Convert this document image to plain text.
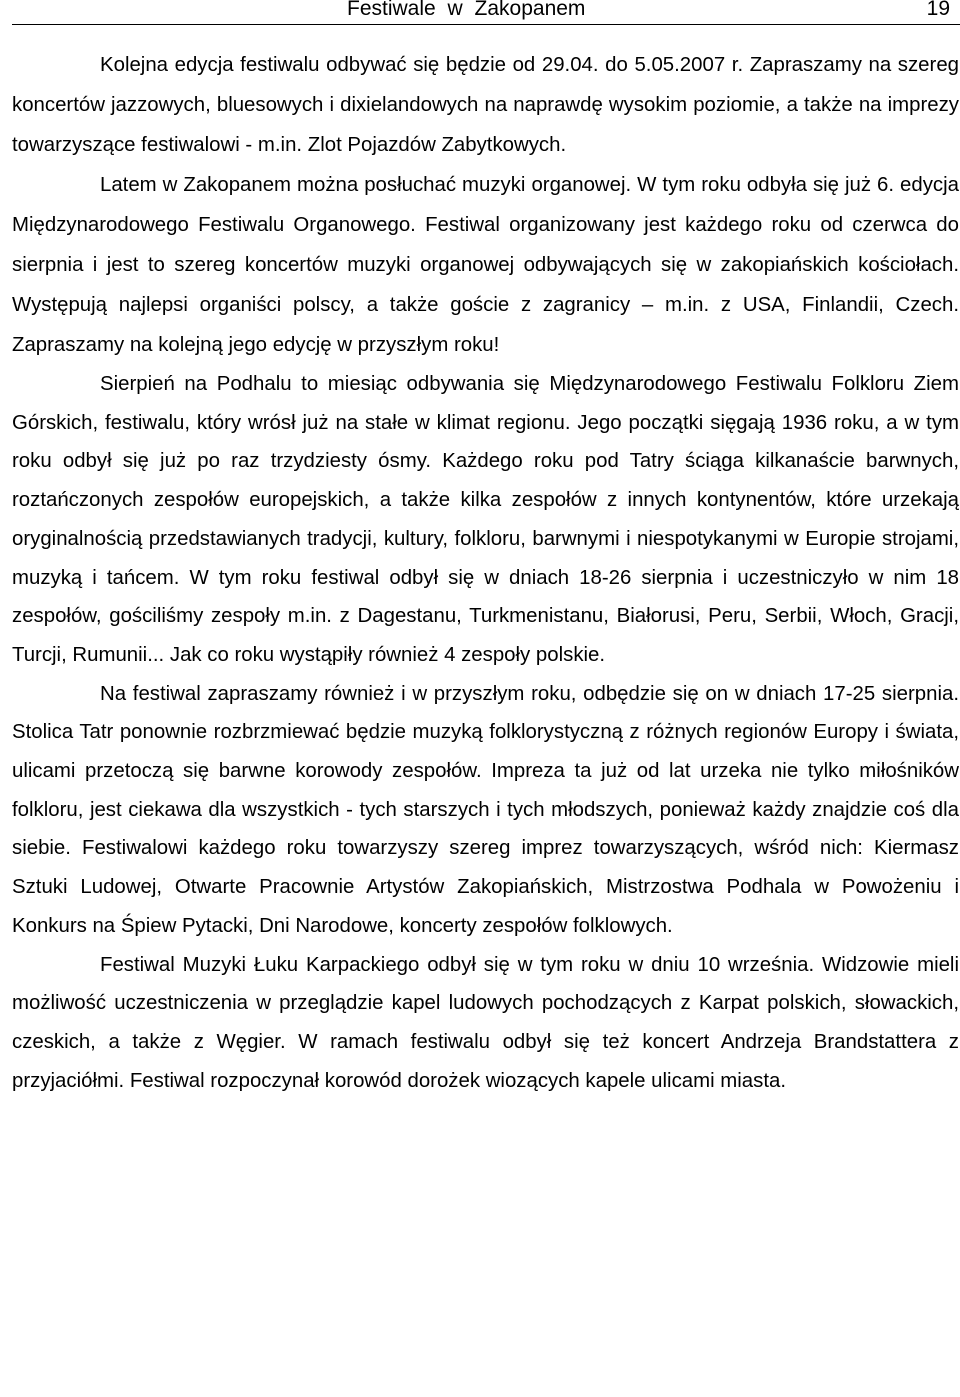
Festiwale w Zakopanem	19

Kolejna edycja festiwalu odbywać się będzie od 29.04. do 5.05.2007 r. Zapraszamy na szereg koncertów jazzowych, bluesowych i dixielandowych na naprawdę wysokim poziomie, a także na imprezy towarzyszące festiwalowi - m.in. Zlot Pojazdów Zabytkowych.

Latem w Zakopanem można posłuchać muzyki organowej. W tym roku odbyła się już 6. edycja Międzynarodowego Festiwalu Organowego. Festiwal organizowany jest każdego roku od czerwca do sierpnia i jest to szereg koncertów muzyki organowej odbywających się w zakopiańskich kościołach. Występują najlepsi organiści polscy, a także goście z zagranicy – m.in. z USA, Finlandii, Czech. Zapraszamy na kolejną jego edycję w przyszłym roku!

Sierpień na Podhalu to miesiąc odbywania się Międzynarodowego Festiwalu Folkloru Ziem Górskich, festiwalu, który wrósł już na stałe w klimat regionu. Jego początki sięgają 1936 roku, a w tym roku odbył się już po raz trzydziesty ósmy. Każdego roku pod Tatry ściąga kilkanaście barwnych, roztańczonych zespołów europejskich, a także kilka zespołów z innych kontynentów, które urzekają oryginalnością przedstawianych tradycji, kultury, folkloru, barwnymi i niespotykanymi w Europie strojami, muzyką i tańcem. W tym roku festiwal odbył się w dniach 18-26 sierpnia i uczestniczyło w nim 18 zespołów, gościliśmy zespoły m.in. z Dagestanu, Turkmenistanu, Białorusi, Peru, Serbii, Włoch, Gracji, Turcji, Rumunii... Jak co roku wystąpiły również 4 zespoły polskie.

Na festiwal zapraszamy również i w przyszłym roku, odbędzie się on w dniach 17-25 sierpnia. Stolica Tatr ponownie rozbrzmiewać będzie muzyką folklorystyczną z różnych regionów Europy i świata, ulicami przetoczą się barwne korowody zespołów. Impreza ta już od lat urzeka nie tylko miłośników folkloru, jest ciekawa dla wszystkich - tych starszych i tych młodszych, ponieważ każdy znajdzie coś dla siebie. Festiwalowi każdego roku towarzyszy szereg imprez towarzyszących, wśród nich: Kiermasz Sztuki Ludowej, Otwarte Pracownie Artystów Zakopiańskich, Mistrzostwa Podhala w Powożeniu i Konkurs na Śpiew Pytacki, Dni Narodowe, koncerty zespołów folklowych.

Festiwal Muzyki Łuku Karpackiego odbył się w tym roku w dniu 10 września. Widzowie mieli możliwość uczestniczenia w przeglądzie kapel ludowych pochodzących z Karpat polskich, słowackich, czeskich, a także z Węgier. W ramach festiwalu odbył się też koncert Andrzeja Brandstattera z przyjaciółmi. Festiwal rozpoczynał korowód dorożek wiozących kapele ulicami miasta.
